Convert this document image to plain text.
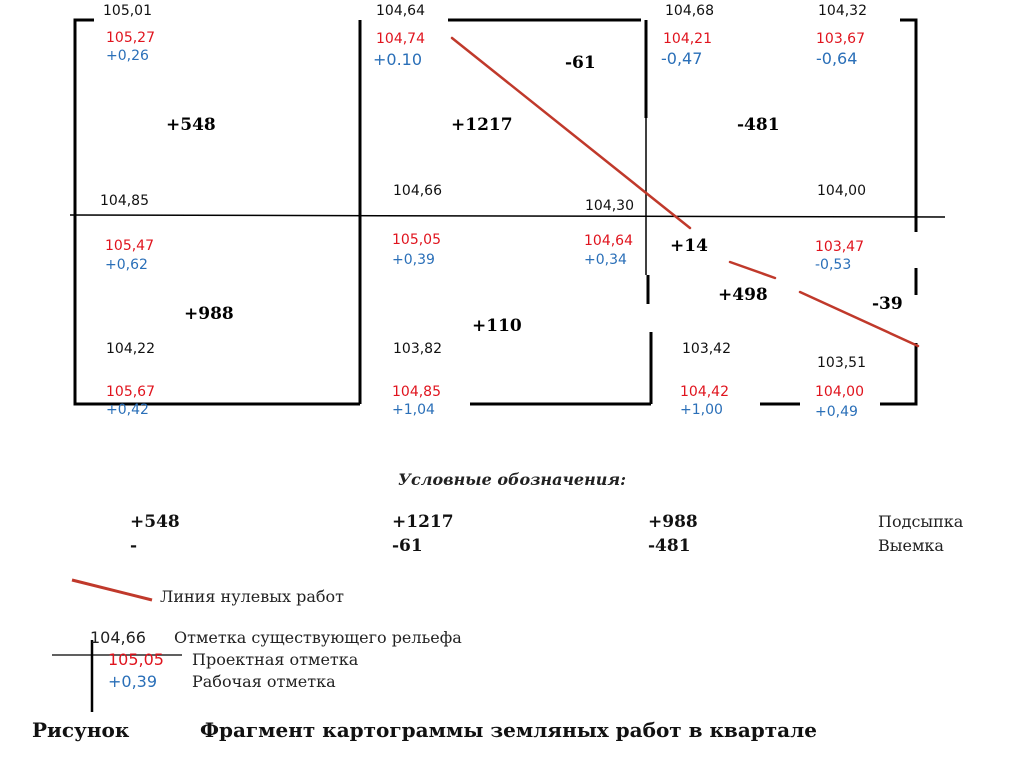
105,01
105,27
+0,26
104,64
104,74
+0.10
104,68
104,21
-0,47
104,32
103,67
-0,64
104,85
105,47
+0,62
104,66
105,05
+0,39
104,30
104,64
+0,34
104,00
103,47
-0,53
104,22
105,67
+0,42
103,82
104,85
+1,04
103,42
104,42
+1,00
103,51
104,00
+0,49
+548	+1217
-61
-481
+988
+110
+14
+498	-39
Условные обозначения:
+548	+1217	+988	Подсыпка
-	-61	-481	Выемка
Линия нулевых работ
104,66 Отметка существующего рельефа
105,05 Проектная отметка
+0,39 Рабочая отметка
Рисунок	Фрагмент картограммы земляных работ в квартале
